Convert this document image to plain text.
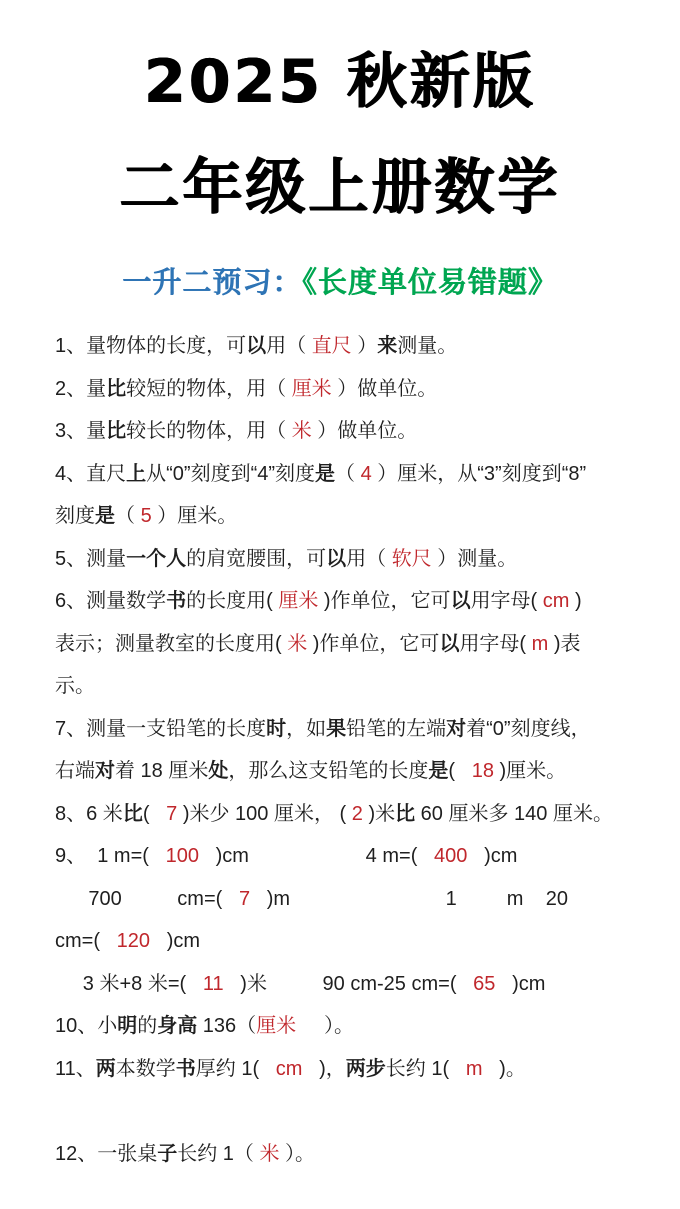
2025 秋新版
二年级上册数学
一升二预习：《长度单位易错题》
1、量物体的长度，可以用（ 直尺 ）来测量。
2、量比较短的物体，用（ 厘米 ）做单位。
3、量比较长的物体，用（ 米 ）做单位。
4、直尺上从“0”刻度到“4”刻度是（ 4 ）厘米，从“3”刻度到“8”
刻度是（ 5 ）厘米。
5、测量一个人的肩宽腰围，可以用（ 软尺 ）测量。
6、测量数学书的长度用( 厘米 )作单位，它可以用字母( cm )
表示；测量教室的长度用( 米 )作单位，它可以用字母( m )表
示。
7、测量一支铅笔的长度时，如果铅笔的左端对着“0”刻度线，
右端对着 18 厘米处，那么这支铅笔的长度是(   18 )厘米。
8、6 米比(   7 )米少 100 厘米， ( 2 )米比 60 厘米多 140 厘米。
9、  1 m=(   100   )cm	4 m=(   400   )cm
700          cm=(   7   )m	1         m    20
cm=(   120   )cm
3 米+8 米=(   11   )米	90 cm-25 cm=(   65   )cm
10、小明的身高 136（厘米     ）。
11、两本数学书厚约 1(   cm   )，两步长约 1(   m   )。
12、一张桌子长约 1（ 米 ）。
